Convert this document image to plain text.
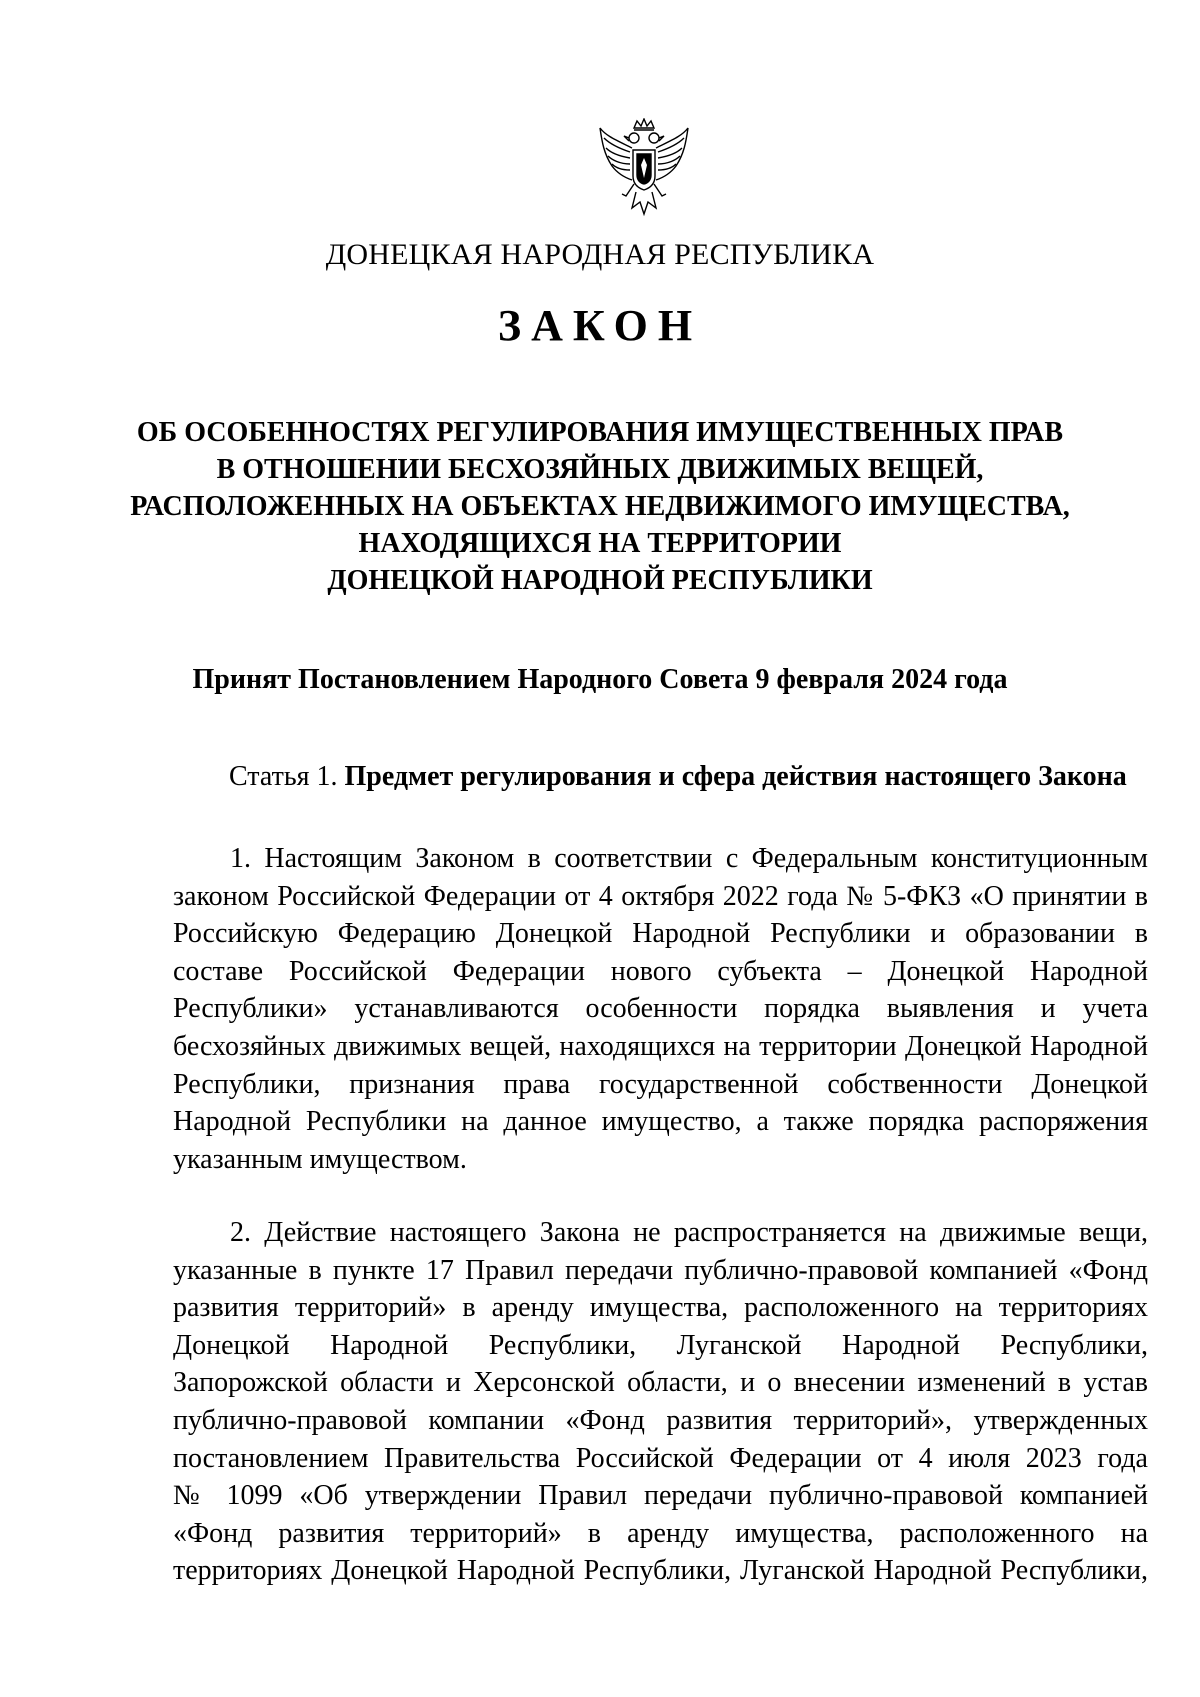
ДОНЕЦКАЯ НАРОДНАЯ РЕСПУБЛИКА
ЗАКОН
ОБ ОСОБЕННОСТЯХ РЕГУЛИРОВАНИЯ ИМУЩЕСТВЕННЫХ ПРАВ
В ОТНОШЕНИИ БЕСХОЗЯЙНЫХ ДВИЖИМЫХ ВЕЩЕЙ,
РАСПОЛОЖЕННЫХ НА ОБЪЕКТАХ НЕДВИЖИМОГО ИМУЩЕСТВА,
НАХОДЯЩИХСЯ НА ТЕРРИТОРИИ
ДОНЕЦКОЙ НАРОДНОЙ РЕСПУБЛИКИ
Принят Постановлением Народного Совета 9 февраля 2024 года
Статья 1. Предмет регулирования и сфера действия настоящего Закона
1. Настоящим Законом в соответствии с Федеральным конституционным
законом Российской Федерации от 4 октября 2022 года № 5-ФКЗ «О принятии в
Российскую Федерацию Донецкой Народной Республики и образовании в
составе Российской Федерации нового субъекта – Донецкой Народной
Республики» устанавливаются особенности порядка выявления и учета
бесхозяйных движимых вещей, находящихся на территории Донецкой Народной
Республики, признания права государственной собственности Донецкой
Народной Республики на данное имущество, а также порядка распоряжения
указанным имуществом.
2. Действие настоящего Закона не распространяется на движимые вещи,
указанные в пункте 17 Правил передачи публично-правовой компанией «Фонд
развития территорий» в аренду имущества, расположенного на территориях
Донецкой Народной Республики, Луганской Народной Республики,
Запорожской области и Херсонской области, и о внесении изменений в устав
публично-правовой компании «Фонд развития территорий», утвержденных
постановлением Правительства Российской Федерации от 4 июля 2023 года
№ 1099 «Об утверждении Правил передачи публично-правовой компанией
«Фонд развития территорий» в аренду имущества, расположенного на
территориях Донецкой Народной Республики, Луганской Народной Республики,
